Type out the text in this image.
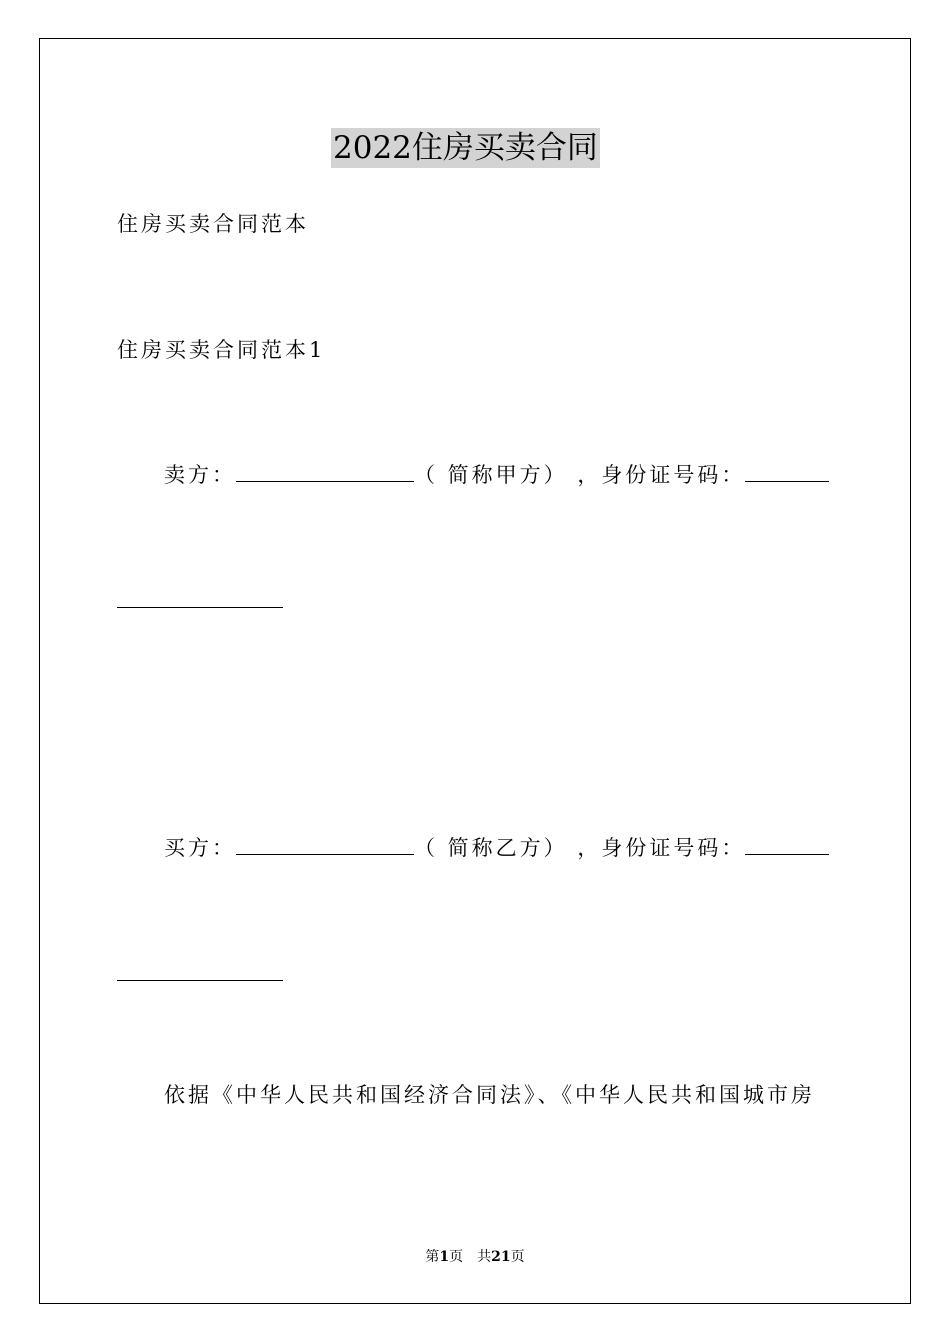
2022住房买卖合同
住房买卖合同范本
住房买卖合同范本1
卖方：	（ 简称甲方） ，身份证号码：
买方：	（ 简称乙方） ，身份证号码：
依据《中华人民共和国经济合同法》、《中华人民共和国城市房
第1页　共21页
